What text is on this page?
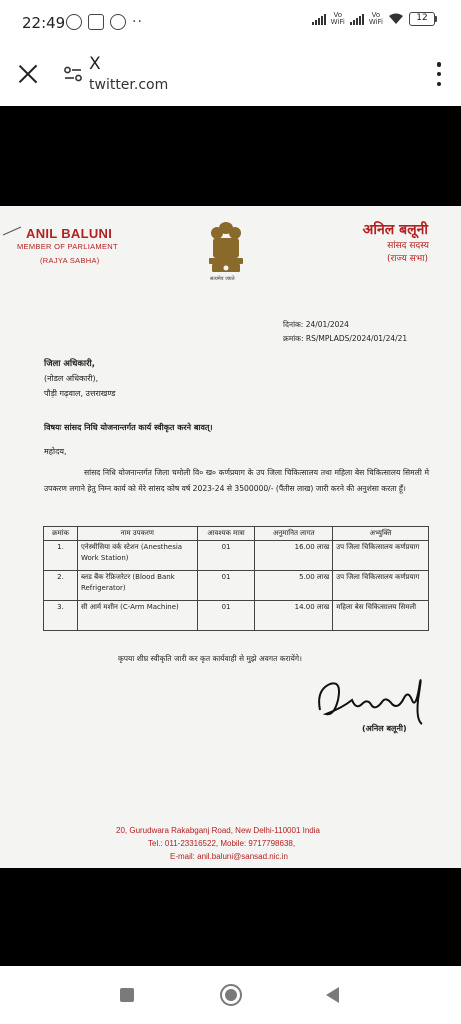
22:49	··	Vo
WiFi
Vo
WiFi	12
X
twitter.com
ANIL BALUNI
MEMBER OF PARLIAMENT
(RAJYA SABHA)
सत्यमेव जयते
अनिल बलूनी
सांसद सदस्य
(राज्य सभा)
दिनांक: 24/01/2024
क्रमांक: RS/MPLADS/2024/01/24/21
जिला अधिकारी,
(नोडल अधिकारी),
पौड़ी गढ़वाल, उत्तराखण्ड
विषयः सांसद निधि योजनान्तर्गत कार्य स्वीकृत करने बावत्।
महोदय,
सांसद निधि योजनान्तर्गत जिला चमोली वि० ख० कर्णप्रयाग के उप जिला चिकित्सालय तथा महिला बेस चिकित्सालय सिमली मे उपकरण लगाने हेतु निम्न कार्य को मेरे सांसद कोष वर्ष 2023-24 से 3500000/- (पैंतीस लाख) जारी करने की अनुशंसा करता हूँ।
क्रमांक	नाम उपकरण	आवश्यक मात्रा	अनुमानित लागत	अभ्युक्ति
1.	एनेस्थीसिया वर्क स्टेशन (Anesthesia Work Station)	01	16.00 लाख	उप जिला चिकित्सालय कर्णप्रयाग
2.	ब्लड बैंक रेफ्रिजरेटर (Blood Bank Refrigerator)	01	5.00 लाख	उप जिला चिकित्सालय कर्णप्रयाग
3.	सी आर्म मशीन (C-Arm Machine)	01	14.00 लाख	महिला बेस चिकित्सालय सिमली
कृपया शीघ्र स्वीकृति जारी कर कृत कार्यवाही से मुझे अवगत करायेंगे।
(अनिल बलूनी)
20, Gurudwara Rakabganj Road, New Delhi-110001 India
Tel.: 011-23316522, Mobile: 9717798638,
E-mail: anil.baluni@sansad.nic.in
